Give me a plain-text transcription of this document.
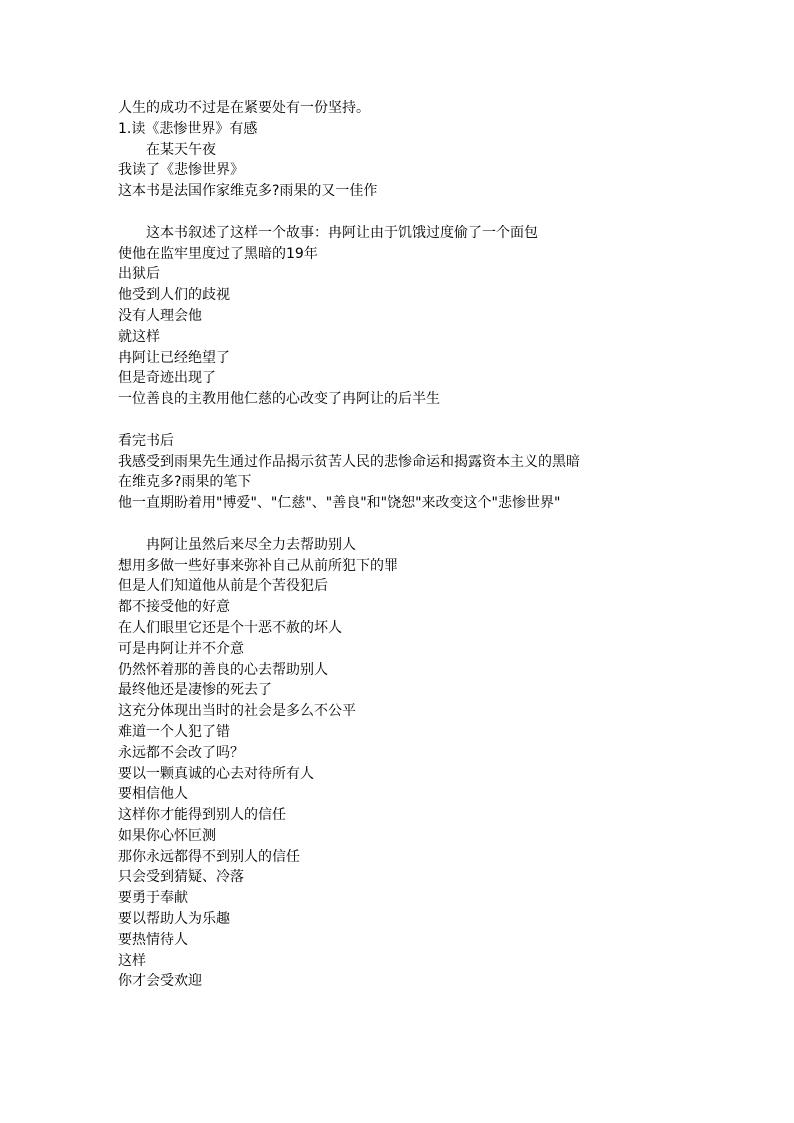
人生的成功不过是在紧要处有一份坚持。
1.读《悲惨世界》有感
在某天午夜
我读了《悲惨世界》
这本书是法国作家维克多?雨果的又一佳作
这本书叙述了这样一个故事：冉阿让由于饥饿过度偷了一个面包
使他在监牢里度过了黑暗的19年
出狱后
他受到人们的歧视
没有人理会他
就这样
冉阿让已经绝望了
但是奇迹出现了
一位善良的主教用他仁慈的心改变了冉阿让的后半生
看完书后
我感受到雨果先生通过作品揭示贫苦人民的悲惨命运和揭露资本主义的黑暗
在维克多?雨果的笔下
他一直期盼着用"博爱"、"仁慈"、"善良"和"饶恕"来改变这个"悲惨世界"
冉阿让虽然后来尽全力去帮助别人
想用多做一些好事来弥补自己从前所犯下的罪
但是人们知道他从前是个苦役犯后
都不接受他的好意
在人们眼里它还是个十恶不赦的坏人
可是冉阿让并不介意
仍然怀着那的善良的心去帮助别人
最终他还是凄惨的死去了
这充分体现出当时的社会是多么不公平
难道一个人犯了错
永远都不会改了吗？
要以一颗真诚的心去对待所有人
要相信他人
这样你才能得到别人的信任
如果你心怀叵测
那你永远都得不到别人的信任
只会受到猜疑、冷落
要勇于奉献
要以帮助人为乐趣
要热情待人
这样
你才会受欢迎
